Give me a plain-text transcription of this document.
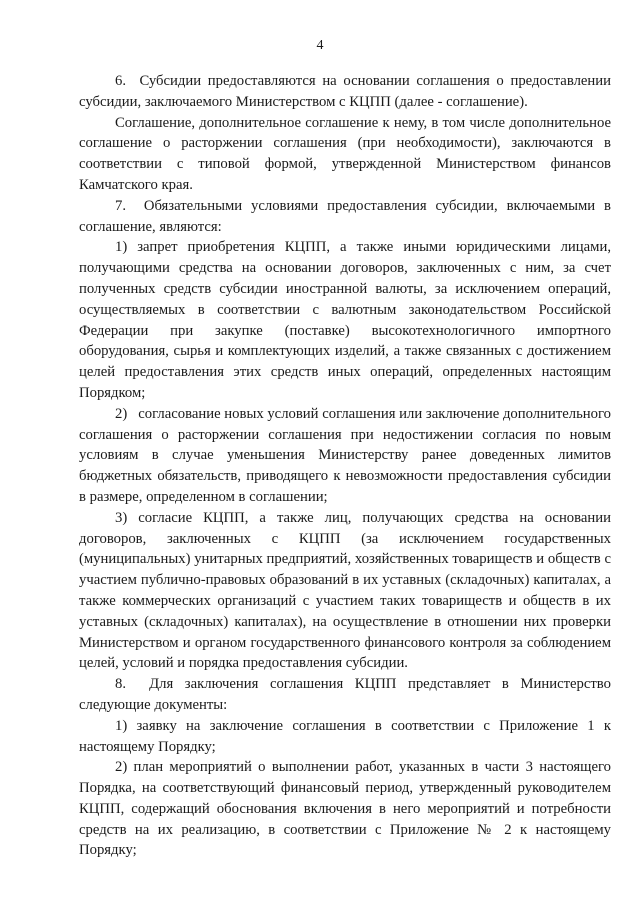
4

6.  Субсидии предоставляются на основании соглашения о предоставлении субсидии, заключаемого Министерством с КЦПП (далее - соглашение).

Соглашение, дополнительное соглашение к нему, в том числе дополнительное соглашение о расторжении соглашения (при необходимости), заключаются в соответствии с типовой формой, утвержденной Министерством финансов Камчатского края.

7.  Обязательными условиями предоставления субсидии, включаемыми в соглашение, являются:

1) запрет приобретения КЦПП, а также иными юридическими лицами, получающими средства на основании договоров, заключенных с ним, за счет полученных средств субсидии иностранной валюты, за исключением операций, осуществляемых в соответствии с валютным законодательством Российской Федерации при закупке (поставке) высокотехнологичного импортного оборудования, сырья и комплектующих изделий, а также связанных с достижением целей предоставления этих средств иных операций, определенных настоящим Порядком;

2)   согласование новых условий соглашения или заключение дополнительного соглашения о расторжении соглашения при недостижении согласия по новым условиям в случае уменьшения Министерству ранее доведенных лимитов бюджетных обязательств, приводящего к невозможности предоставления субсидии в размере, определенном в соглашении;

3) согласие КЦПП, а также лиц, получающих средства на основании договоров, заключенных с КЦПП (за исключением государственных (муниципальных) унитарных предприятий, хозяйственных товариществ и обществ с участием публично-правовых образований в их уставных (складочных) капиталах, а также коммерческих организаций с участием таких товариществ и обществ в их уставных (складочных) капиталах), на осуществление в отношении них проверки Министерством и органом государственного финансового контроля за соблюдением целей, условий и порядка предоставления субсидии.

8.  Для заключения соглашения КЦПП представляет в Министерство следующие документы:

1) заявку на заключение соглашения в соответствии с Приложение 1 к настоящему Порядку;

2) план мероприятий о выполнении работ, указанных в части 3 настоящего Порядка, на соответствующий финансовый период, утвержденный руководителем КЦПП, содержащий обоснования включения в него мероприятий и потребности средств на их реализацию, в соответствии с Приложение № 2 к настоящему Порядку;
